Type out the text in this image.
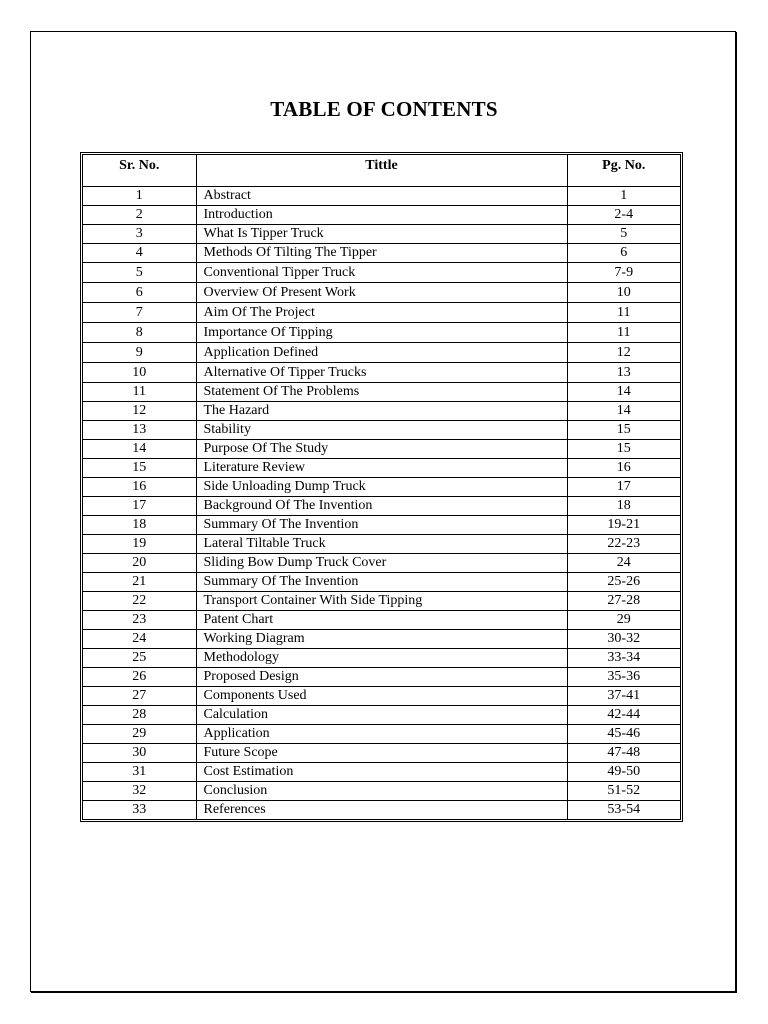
TABLE OF CONTENTS
Sr. No.	Tittle	Pg. No.
1	Abstract	1
2	Introduction	2-4
3	What Is Tipper Truck	5
4	Methods Of Tilting The Tipper	6
5	Conventional Tipper Truck	7-9
6	Overview Of Present Work	10
7	Aim Of The Project	11
8	Importance Of Tipping	11
9	Application Defined	12
10	Alternative Of Tipper Trucks	13
11	Statement Of The Problems	14
12	The Hazard	14
13	Stability	15
14	Purpose Of The Study	15
15	Literature Review	16
16	Side Unloading Dump Truck	17
17	Background Of The Invention	18
18	Summary Of The Invention	19-21
19	Lateral Tiltable Truck	22-23
20	Sliding Bow Dump Truck Cover	24
21	Summary Of The Invention	25-26
22	Transport Container With Side Tipping	27-28
23	Patent Chart	29
24	Working Diagram	30-32
25	Methodology	33-34
26	Proposed Design	35-36
27	Components Used	37-41
28	Calculation	42-44
29	Application	45-46
30	Future Scope	47-48
31	Cost Estimation	49-50
32	Conclusion	51-52
33	References	53-54
